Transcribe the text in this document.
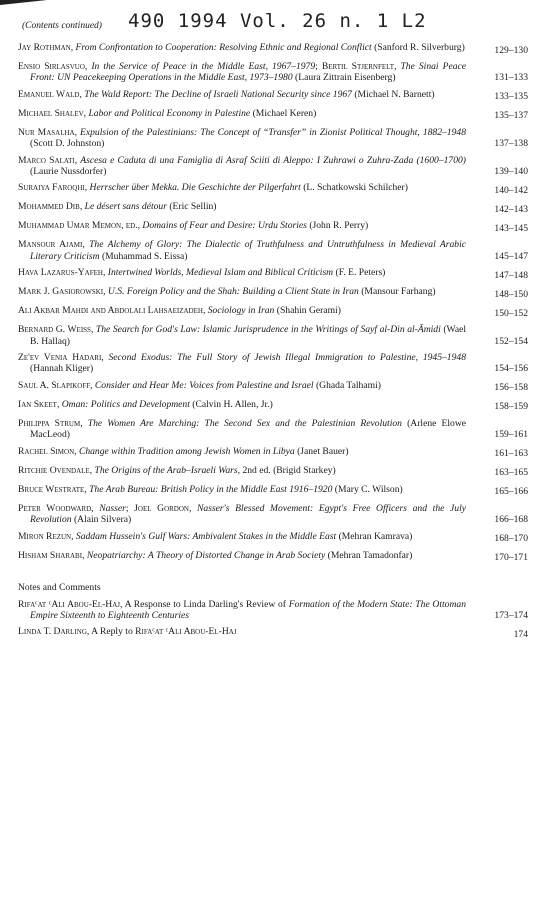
(Contents continued) 490 1994 Vol. 26 n. 1 L2
Jay Rothman, From Confrontation to Cooperation: Resolving Ethnic and Regional Conflict (Sanford R. Silverburg)	129–130
Ensio Sirlasvuo, In the Service of Peace in the Middle East, 1967–1979; Bertil Stjernfelt, The Sinai Peace Front: UN Peacekeeping Operations in the Middle East, 1973–1980 (Laura Zittrain Eisenberg)	131–133
Emanuel Wald, The Wald Report: The Decline of Israeli National Security since 1967 (Michael N. Barnett)	133–135
Michael Shalev, Labor and Political Economy in Palestine (Michael Keren)	135–137
Nur Masalha, Expulsion of the Palestinians: The Concept of “Transfer” in Zionist Political Thought, 1882–1948 (Scott D. Johnston)	137–138
Marco Salati, Ascesa e Caduta di una Famiglia di Asraf Sciiti di Aleppo: I Zuhrawi o Zuhra-Zada (1600–1700) (Laurie Nussdorfer)	139–140
Suraiya Faroqhi, Herrscher über Mekka. Die Geschichte der Pilgerfahrt (L. Schatkowski Schilcher)	140–142
Mohammed Dib, Le désert sans détour (Eric Sellin)	142–143
Muhammad Umar Memon, ed., Domains of Fear and Desire: Urdu Stories (John R. Perry)	143–145
Mansour Ajami, The Alchemy of Glory: The Dialectic of Truthfulness and Untruthfulness in Medieval Arabic Literary Criticism (Muhammad S. Eissa)	145–147
Hava Lazarus-Yafeh, Intertwined Worlds, Medieval Islam and Biblical Criticism (F. E. Peters)	147–148
Mark J. Gasiorowski, U.S. Foreign Policy and the Shah: Building a Client State in Iran (Mansour Farhang)	148–150
Ali Akbar Mahdi and Abdolali Lahsaeizadeh, Sociology in Iran (Shahin Gerami)	150–152
Bernard G. Weiss, The Search for God's Law: Islamic Jurisprudence in the Writings of Sayf al-Din al-Āmidi (Wael B. Hallaq)	152–154
Ze'ev Venia Hadari, Second Exodus: The Full Story of Jewish Illegal Immigration to Palestine, 1945–1948 (Hannah Kliger)	154–156
Saul A. Slapikoff, Consider and Hear Me: Voices from Palestine and Israel (Ghada Talhami)	156–158
Ian Skeet, Oman: Politics and Development (Calvin H. Allen, Jr.)	158–159
Philippa Strum, The Women Are Marching: The Second Sex and the Palestinian Revolution (Arlene Elowe MacLeod)	159–161
Rachel Simon, Change within Tradition among Jewish Women in Libya (Janet Bauer)	161–163
Ritchie Ovendale, The Origins of the Arab–Israeli Wars, 2nd ed. (Brigid Starkey)	163–165
Bruce Westrate, The Arab Bureau: British Policy in the Middle East 1916–1920 (Mary C. Wilson)	165–166
Peter Woodward, Nasser; Joel Gordon, Nasser's Blessed Movement: Egypt's Free Officers and the July Revolution (Alain Silvera)	166–168
Miron Rezun, Saddam Hussein's Gulf Wars: Ambivalent Stakes in the Middle East (Mehran Kamrava)	168–170
Hisham Sharabi, Neopatriarchy: A Theory of Distorted Change in Arab Society (Mehran Tamadonfar)	170–171
Notes and Comments
Rifaᶜat ᶜAli Abou-El-Haj, A Response to Linda Darling's Review of Formation of the Modern State: The Ottoman Empire Sixteenth to Eighteenth Centuries	173–174
Linda T. Darling, A Reply to Rifaᶜat ᶜAli Abou-El-Haj	174
